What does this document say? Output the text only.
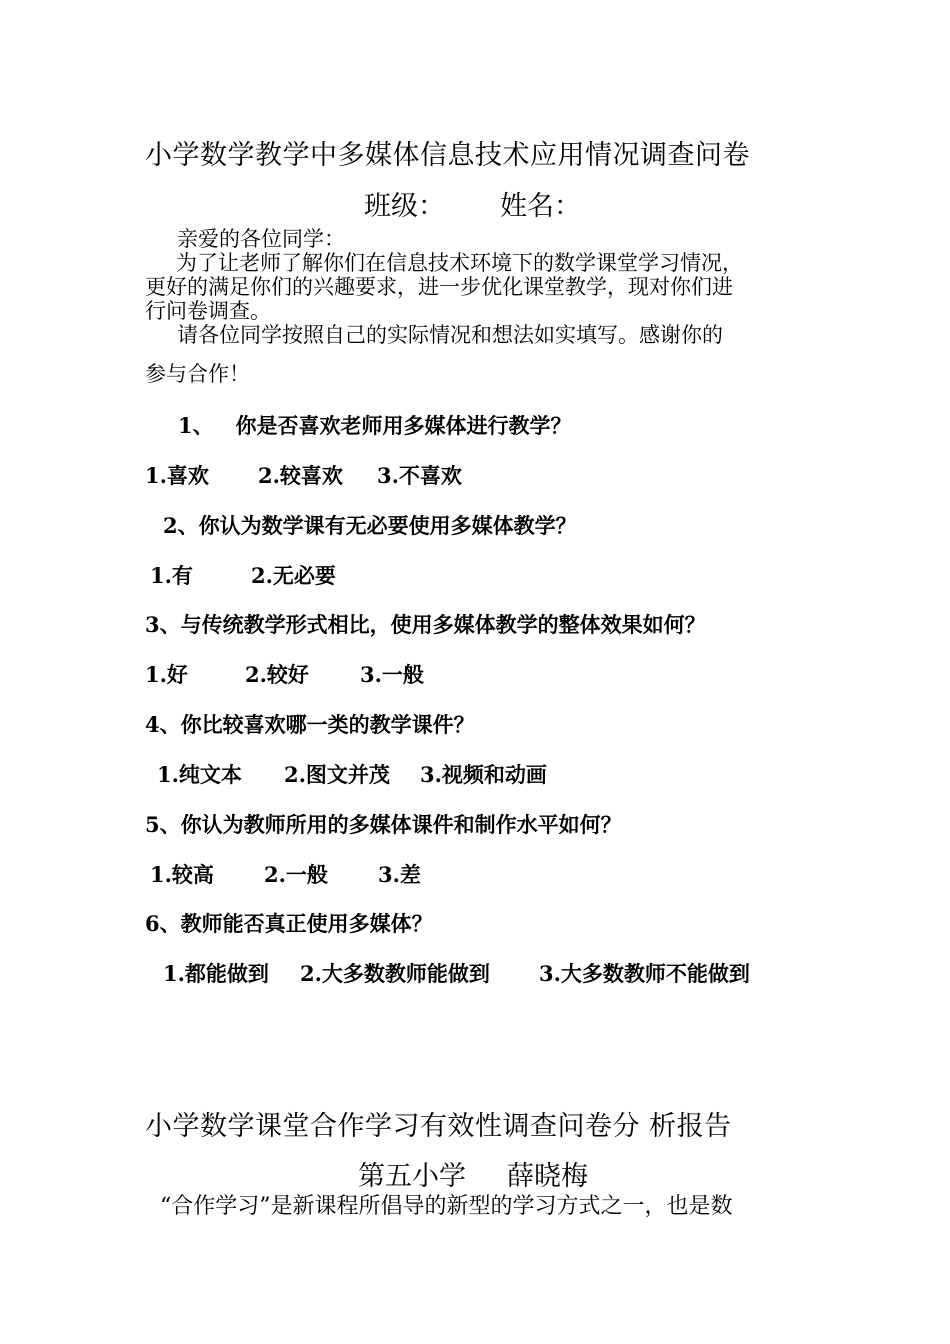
小学数学教学中多媒体信息技术应用情况调查问卷
班级： 姓名：
亲爱的各位同学：
为了让老师了解你们在信息技术环境下的数学课堂学习情况，
更好的满足你们的兴趣要求，进一步优化课堂教学，现对你们进
行问卷调查。
请各位同学按照自己的实际情况和想法如实填写。感谢你的
参与合作！
1、   你是否喜欢老师用多媒体进行教学？
1.喜欢 2.较喜欢 3.不喜欢
2、你认为数学课有无必要使用多媒体教学？
1.有	2.无必要
3、与传统教学形式相比，使用多媒体教学的整体效果如何？
1.好	2.较好 3.一般
4、你比较喜欢哪一类的教学课件？
1.纯文本 2.图文并茂 3.视频和动画
5、你认为教师所用的多媒体课件和制作水平如何？
1.较高 2.一般 3.差
6、教师能否真正使用多媒体？
1.都能做到 2.大多数教师能做到 3.大多数教师不能做到
小学数学课堂合作学习有效性调查问卷分 析报告
第五小学 薛晓梅
“合作学习”是新课程所倡导的新型的学习方式之一，也是数
